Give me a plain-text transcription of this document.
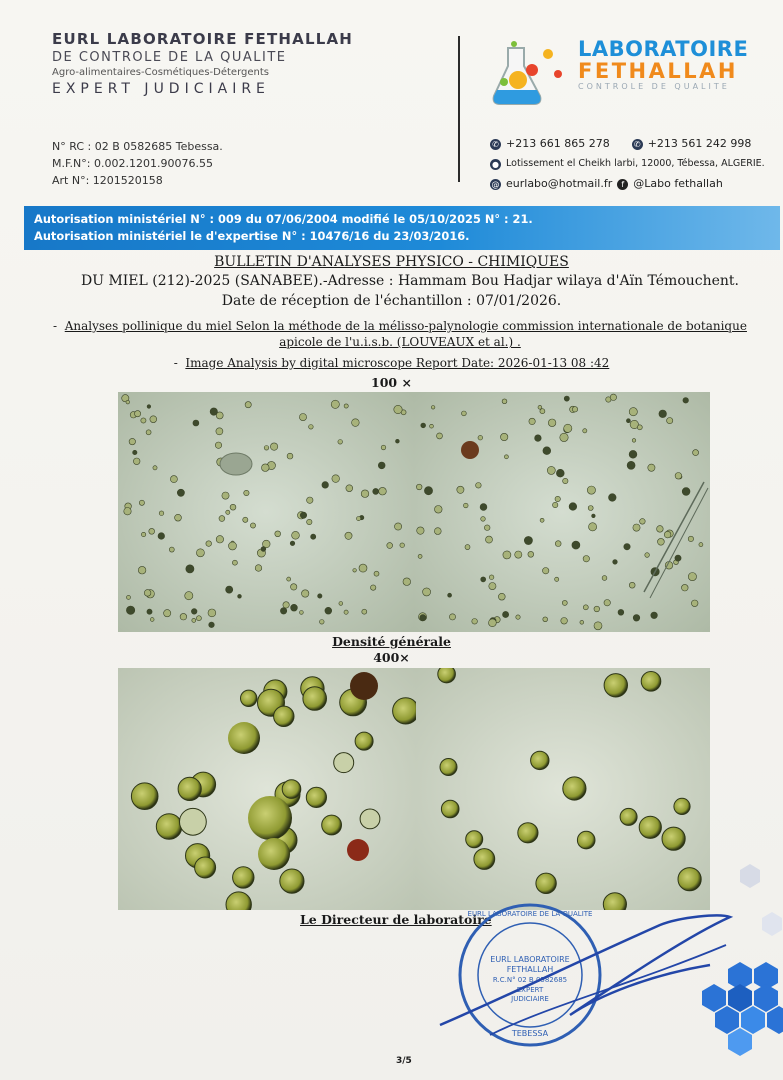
EURL LABORATOIRE FETHALLAH
DE CONTROLE DE LA QUALITE
Agro-alimentaires-Cosmétiques-Détergents
EXPERT JUDICIAIRE
N° RC : 02 B 0582685 Tebessa.
M.F.N°: 0.002.1201.90076.55
Art N°: 1201520158
LABORATOIRE
FETHALLAH
CONTROLE DE QUALITE
✆ +213 661 865 278	✆ +213 561 242 998
● Lotissement el Cheikh larbi, 12000, Tébessa, ALGERIE.
@ eurlabo@hotmail.fr	f @Labo fethallah
Autorisation ministériel N° : 009 du 07/06/2004 modifié le 05/10/2025 N° : 21.
Autorisation ministériel le d'expertise N° : 10476/16 du 23/03/2016.
BULLETIN D'ANALYSES PHYSICO - CHIMIQUES
DU MIEL (212)-2025 (SANABEE).-Adresse : Hammam Bou Hadjar wilaya d'Aïn Témouchent.
Date de réception de l'échantillon : 07/01/2026.
-  Analyses pollinique du miel Selon la méthode de la mélisso-palynologie commission internationale de botanique apicole de l'u.i.s.b. (LOUVEAUX et al.) .
-  Image Analysis by digital microscope Report Date: 2026-01-13 08 :42
100 ×
Densité générale
400×
Le Directeur de laboratoire
EURL LABORATOIRE
FETHALLAH
R.C.N° 02 B 0582685
EXPERT
JUDICIAIRE
TEBESSA
EURL LABORATOIRE DE LA QUALITE
3/5
